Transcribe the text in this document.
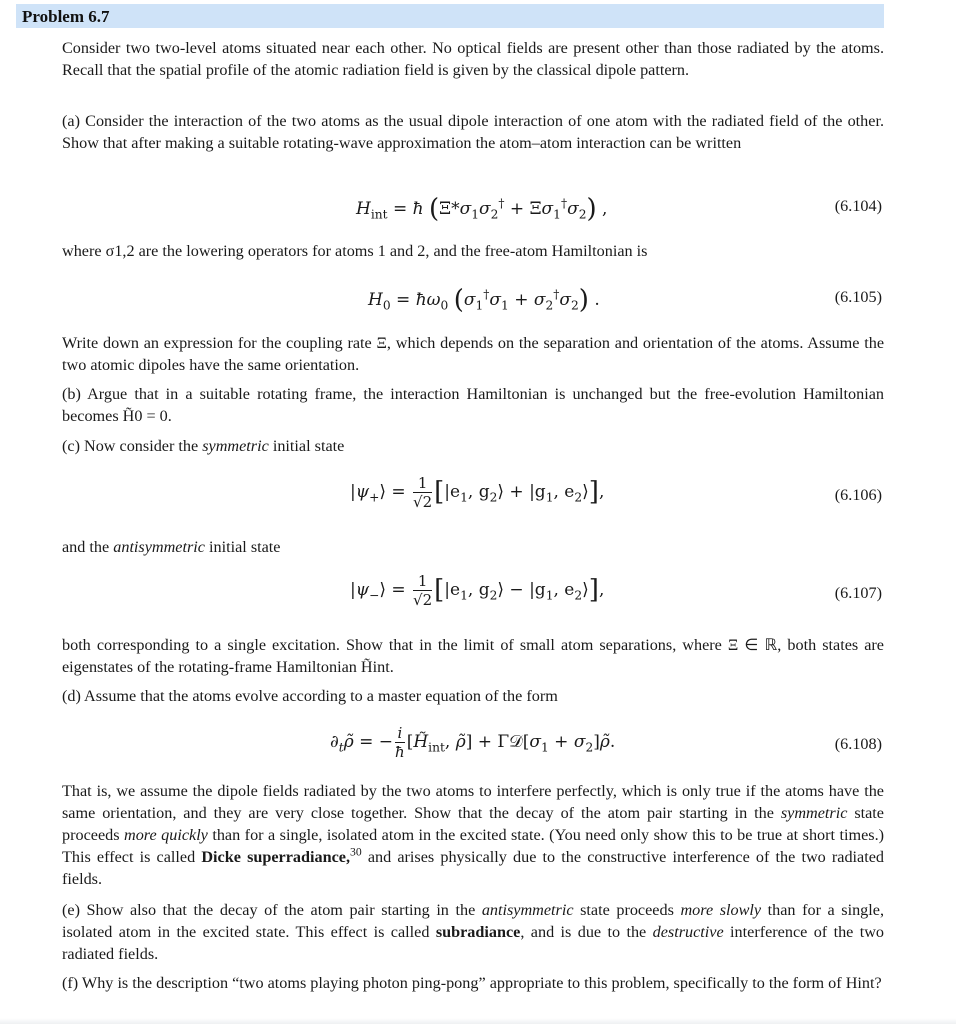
Problem 6.7
Consider two two-level atoms situated near each other. No optical fields are present other than those radiated by the atoms. Recall that the spatial profile of the atomic radiation field is given by the classical dipole pattern.
(a) Consider the interaction of the two atoms as the usual dipole interaction of one atom with the radiated field of the other. Show that after making a suitable rotating-wave approximation the atom–atom interaction can be written
$H_{int}$ = ħ $(\Xi*\sigma_1\sigma_2^\dagger + \Xi\sigma_1^\dagger\sigma_2)$ ,	(6.104)
where σ1,2 are the lowering operators for atoms 1 and 2, and the free-atom Hamiltonian is
$H_0$ = $ħ\omega_0$ $(\sigma_1^\dagger\sigma_1 + \sigma_2^\dagger\sigma_2)$ .	(6.105)
Write down an expression for the coupling rate Ξ, which depends on the separation and orientation of the atoms. Assume the two atomic dipoles have the same orientation.
(b) Argue that in a suitable rotating frame, the interaction Hamiltonian is unchanged but the free-evolution Hamiltonian becomes H̃0 = 0.
(c) Now consider the symmetric initial state
$|\psi_+⟩ = \frac{1}{√2} [|e_1$, $g_2⟩ + |g_1$, $e_2⟩$],	(6.106)
and the antisymmetric initial state
$|\psi_-⟩ = \frac{1}{√2} [|e_1$, $g_2⟩ - |g_1$, $e_2⟩$],	(6.107)
both corresponding to a single excitation. Show that in the limit of small atom separations, where Ξ ∈ ℝ, both states are eigenstates of the rotating-frame Hamiltonian H̃int.
(d) Assume that the atoms evolve according to a master equation of the form
$\partial_t\rhõ$ = − $\frac{i}{ħ}$ [$H̃_{int}$, ρ̃] + $\Gamma 𝒟[\sigma_1$ + $\sigma_2]\rhõ$.	(6.108)
That is, we assume the dipole fields radiated by the two atoms to interfere perfectly, which is only true if the atoms have the same orientation, and they are very close together. Show that the decay of the atom pair starting in the symmetric state proceeds more quickly than for a single, isolated atom in the excited state. (You need only show this to be true at short times.) This effect is called Dicke superradiance,$^{30}$ and arises physically due to the constructive interference of the two radiated fields.
(e) Show also that the decay of the atom pair starting in the antisymmetric state proceeds more slowly than for a single, isolated atom in the excited state. This effect is called subradiance, and is due to the destructive interference of the two radiated fields.
(f) Why is the description “two atoms playing photon ping-pong” appropriate to this problem, specifically to the form of Hint?
